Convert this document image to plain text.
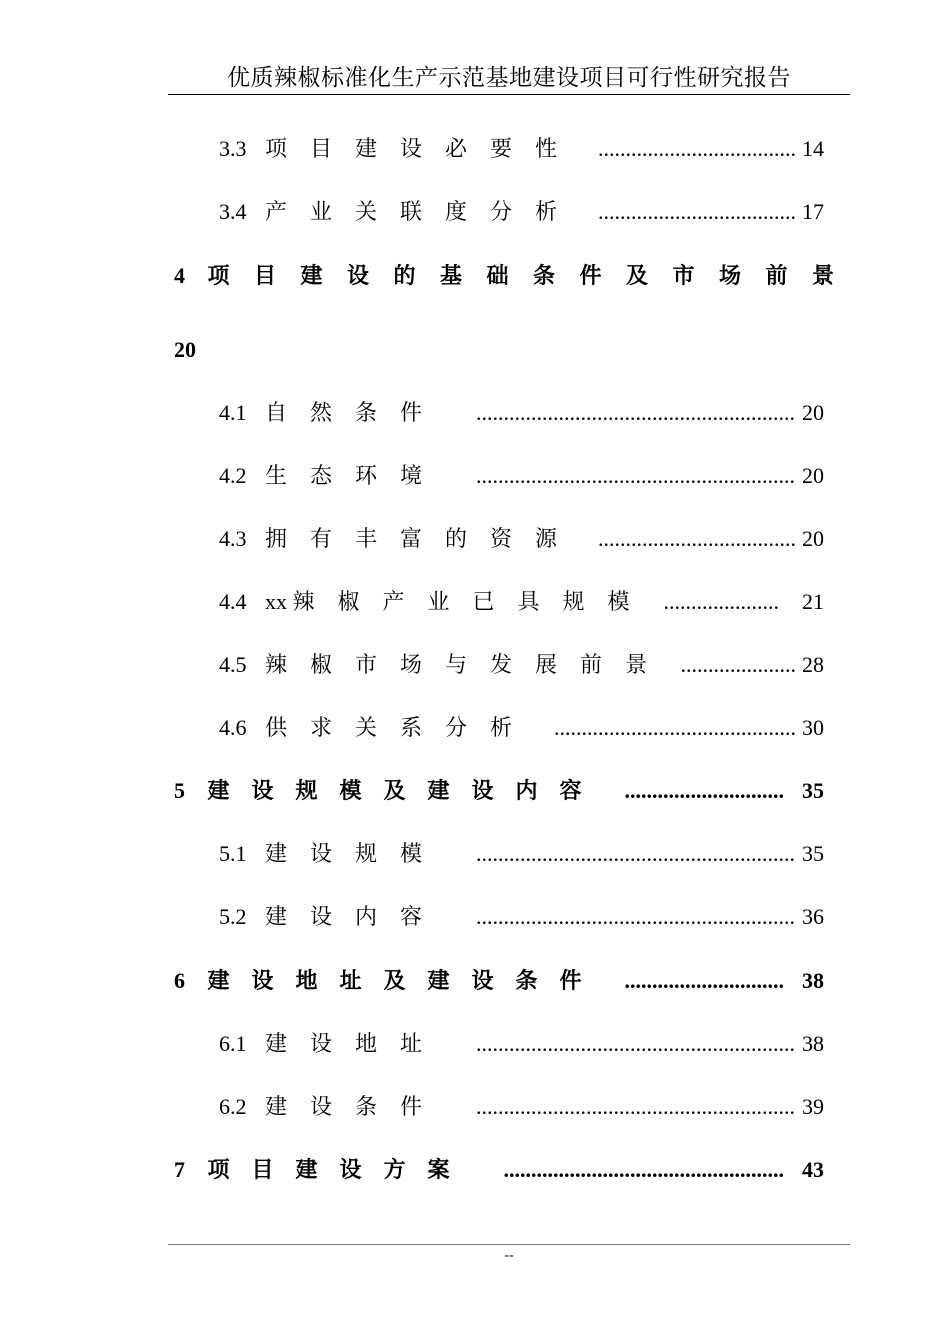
优质辣椒标准化生产示范基地建设项目可行性研究报告
3.3 项目建设必要性 .................................... 14
3.4 产业关联度分析 .................................... 17
4 项目建设的基础条件及市场前景
20
4.1 自然条件	.......................................................... 20
4.2 生态环境	.......................................................... 20
4.3 拥有丰富的资源 .................................... 20
4.4 xx 辣椒产业已具规模 ..................... 21
4.5 辣椒市场与发展前景 ..................... 28
4.6 供求关系分析 ............................................ 30
5 建设规模及建设内容 ............................. 35
5.1 建设规模	.......................................................... 35
5.2 建设内容	.......................................................... 36
6 建设地址及建设条件 ............................. 38
6.1 建设地址	.......................................................... 38
6.2 建设条件	.......................................................... 39
7 项目建设方案	................................................... 43
--
